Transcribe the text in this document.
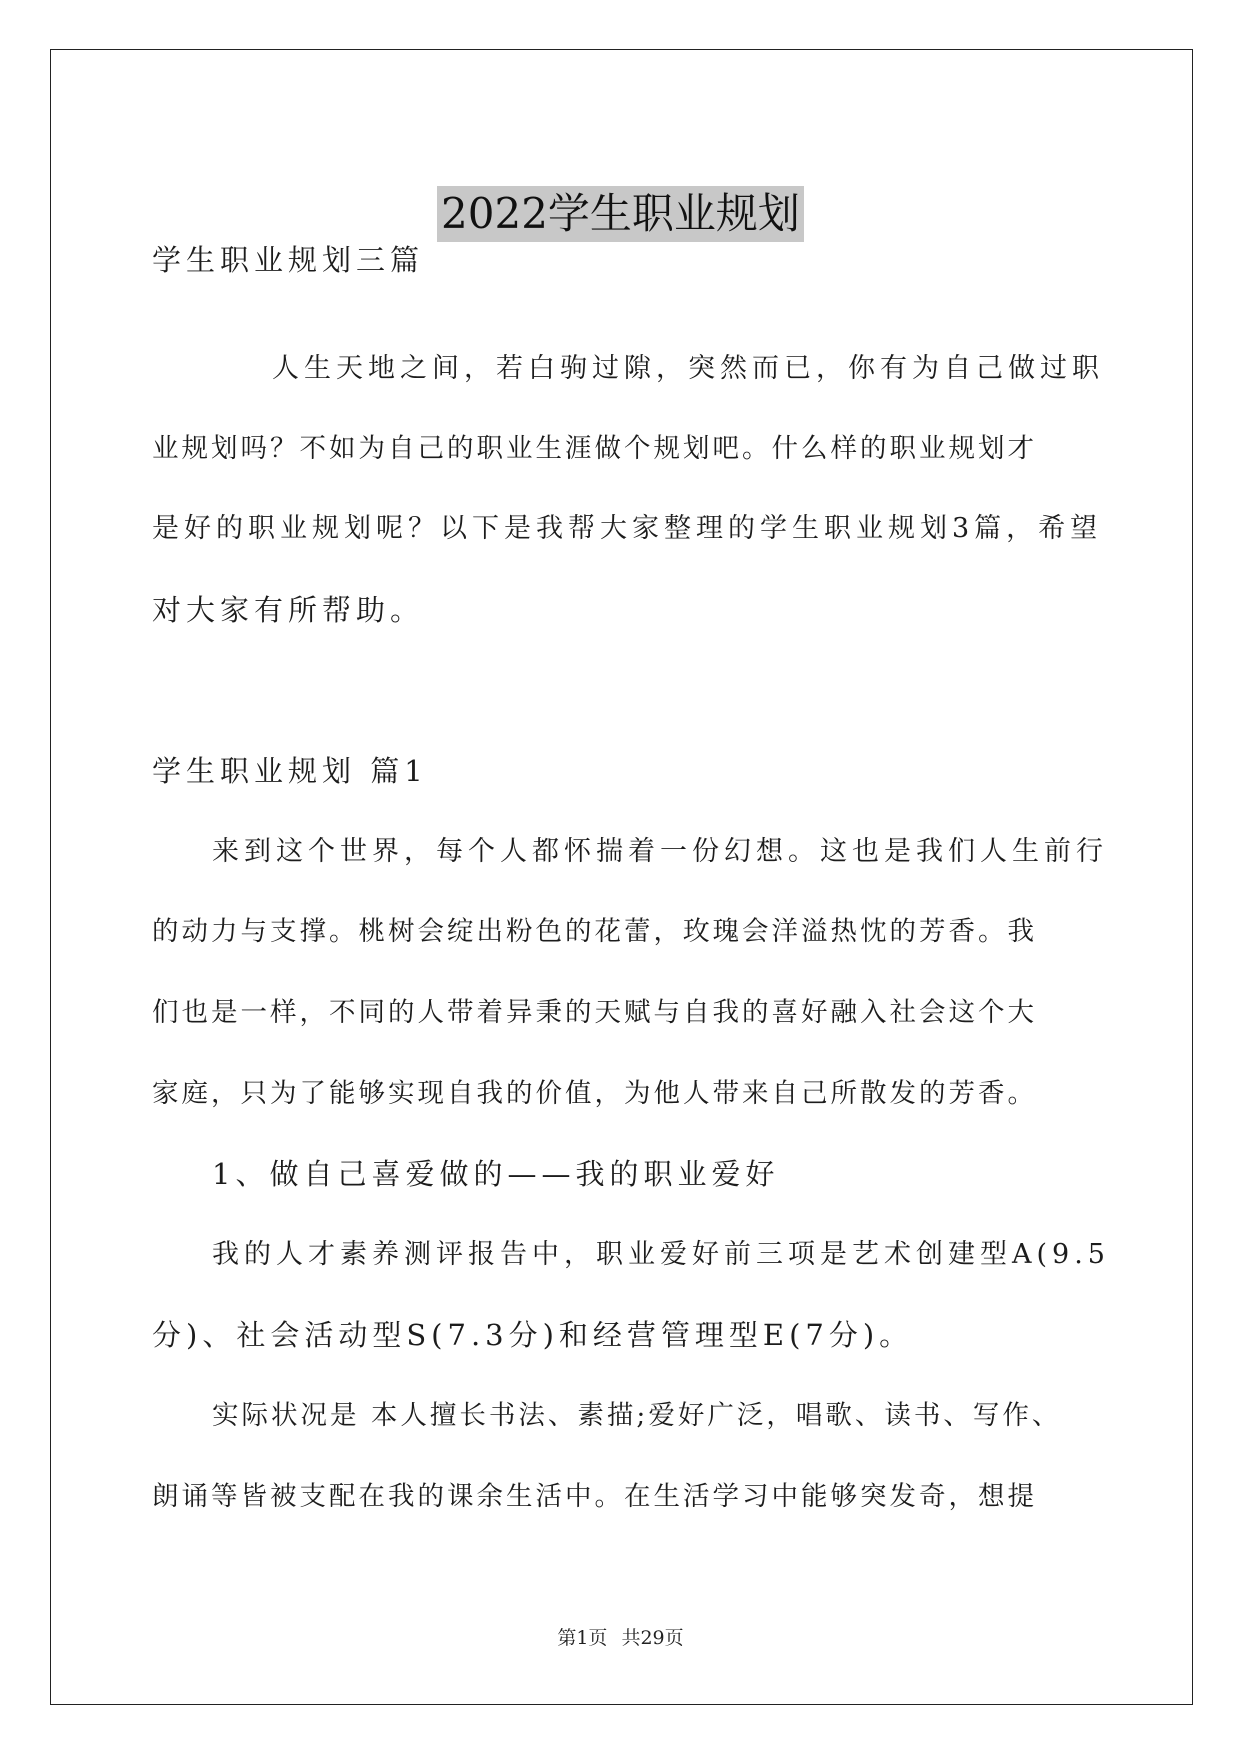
2022学生职业规划
学生职业规划三篇
人生天地之间，若白驹过隙，突然而已，你有为自己做过职
业规划吗？不如为自己的职业生涯做个规划吧。什么样的职业规划才
是好的职业规划呢？以下是我帮大家整理的学生职业规划3篇，希望
对大家有所帮助。
学生职业规划 篇1
来到这个世界，每个人都怀揣着一份幻想。这也是我们人生前行
的动力与支撑。桃树会绽出粉色的花蕾，玫瑰会洋溢热忱的芳香。我
们也是一样，不同的人带着异秉的天赋与自我的喜好融入社会这个大
家庭，只为了能够实现自我的价值，为他人带来自己所散发的芳香。
1、做自己喜爱做的——我的职业爱好
我的人才素养测评报告中，职业爱好前三项是艺术创建型A(9.5
分)、社会活动型S(7.3分)和经营管理型E(7分)。
实际状况是 本人擅长书法、素描;爱好广泛，唱歌、读书、写作、
朗诵等皆被支配在我的课余生活中。在生活学习中能够突发奇，想提
第1页 共29页
